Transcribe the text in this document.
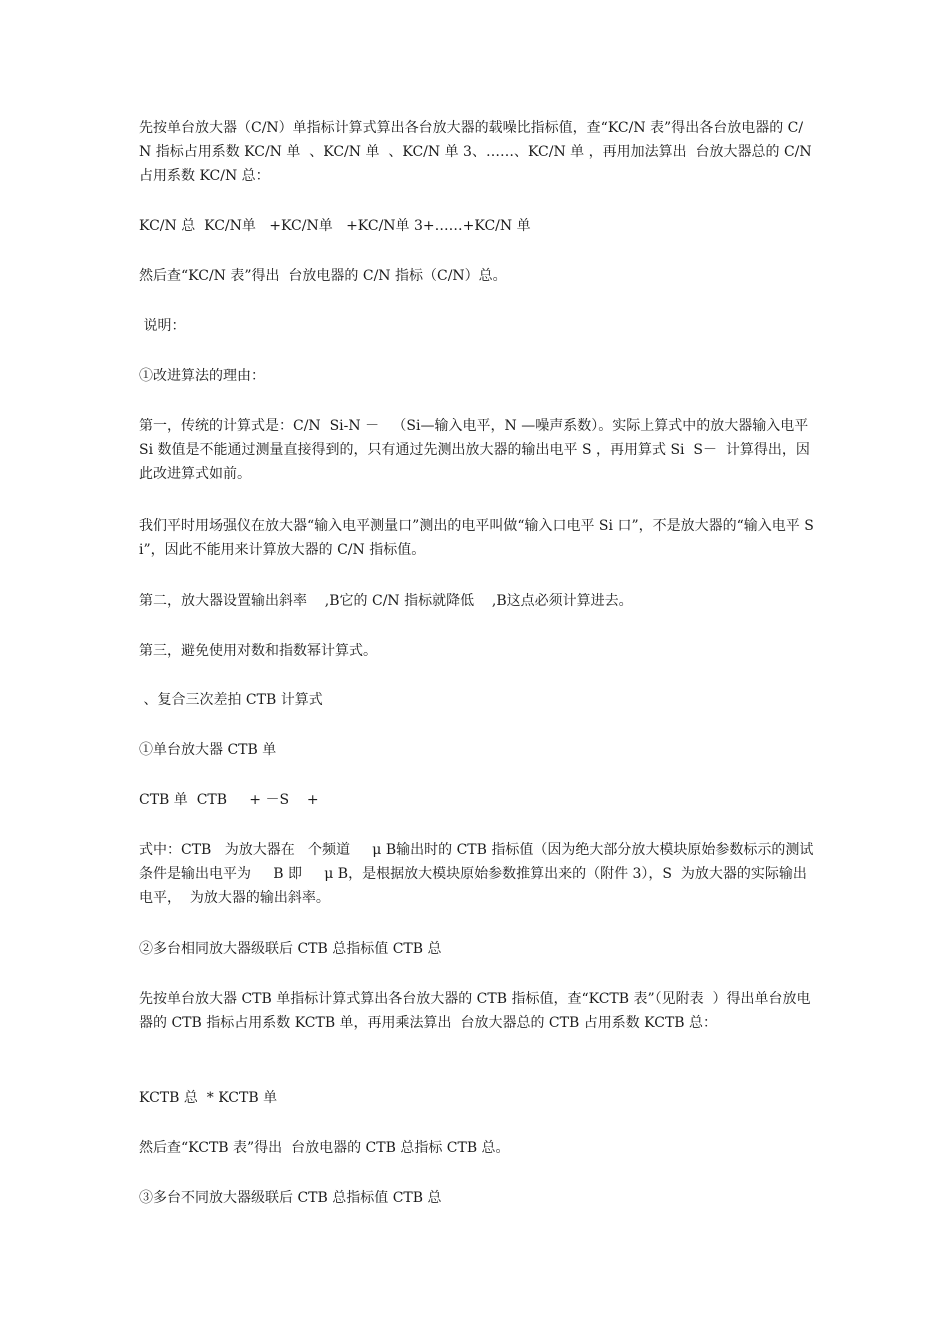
先按单台放大器（C/N）单指标计算式算出各台放大器的载噪比指标值，查“KC/N 表”得出各台放电器的 C/N 指标占用系数 KC/N 单  、KC/N 单  、KC/N 单 3、……、KC/N 单 ，再用加法算出  台放大器总的 C/N 占用系数 KC/N 总：

KC/N 总  KC/N单   +KC/N单   +KC/N单 3+……+KC/N 单

然后查“KC/N 表”得出  台放电器的 C/N 指标（C/N）总。

说明：

①改进算法的理由：

第一，传统的计算式是：C/N  Si-N －   （Si—输入电平，N —噪声系数）。实际上算式中的放大器输入电平 Si 数值是不能通过测量直接得到的，只有通过先测出放大器的输出电平 S ，再用算式 Si  S－  计算得出，因此改进算式如前。

我们平时用场强仪在放大器“输入电平测量口”测出的电平叫做“输入口电平 Si 口”，不是放大器的“输入电平 Si”，因此不能用来计算放大器的 C/N 指标值。

第二，放大器设置输出斜率    ,B它的 C/N 指标就降低    ,B这点必须计算进去。

第三，避免使用对数和指数幂计算式。

、复合三次差拍 CTB 计算式

①单台放大器 CTB 单

CTB 单  CTB     + －S    +

式中：CTB   为放大器在   个频道     μ B输出时的 CTB 指标值（因为绝大部分放大模块原始参数标示的测试条件是输出电平为     B 即     μ B，是根据放大模块原始参数推算出来的（附件 3），S  为放大器的实际输出电平，  为放大器的输出斜率。

②多台相同放大器级联后 CTB 总指标值 CTB 总

先按单台放大器 CTB 单指标计算式算出各台放大器的 CTB 指标值，查“KCTB 表”（见附表  ）得出单台放电器的 CTB 指标占用系数 KCTB 单，再用乘法算出  台放大器总的 CTB 占用系数 KCTB 总：

KCTB 总  * KCTB 单

然后查“KCTB 表”得出  台放电器的 CTB 总指标 CTB 总。

③多台不同放大器级联后 CTB 总指标值 CTB 总
